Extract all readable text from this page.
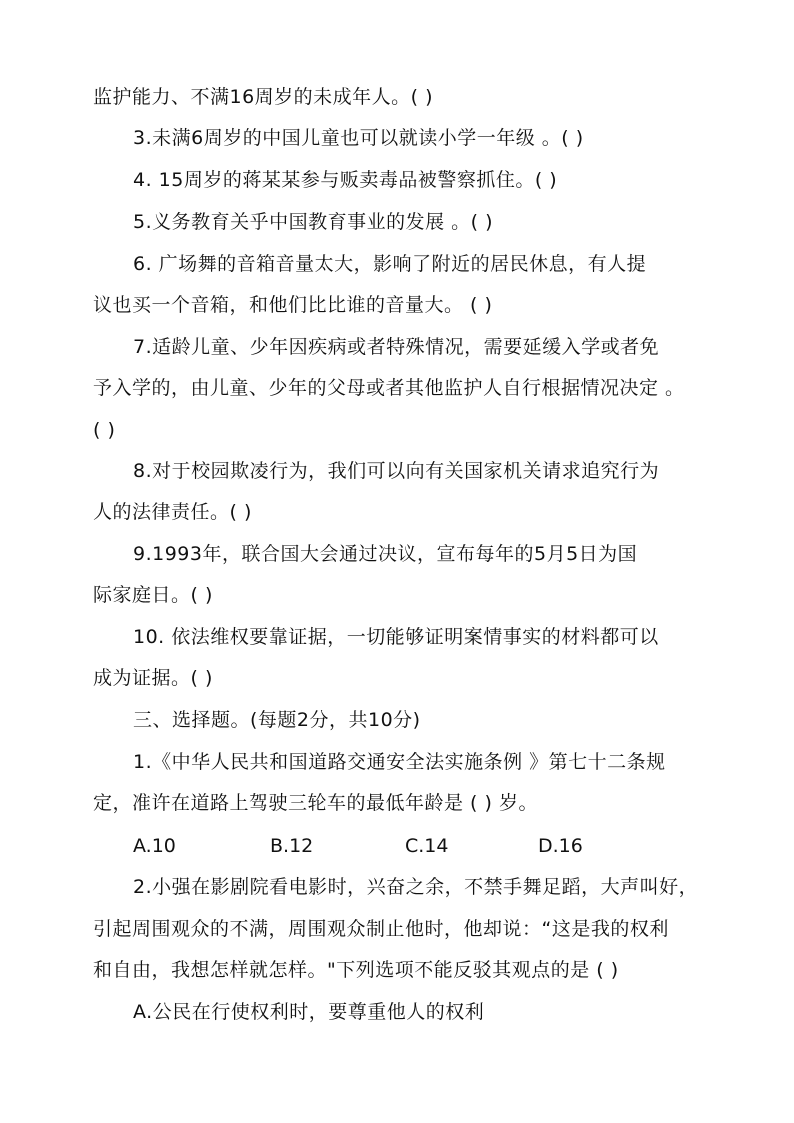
监护能力、不满16周岁的未成年人。( )
3.未满6周岁的中国儿童也可以就读小学一年级 。( )
4. 15周岁的蒋某某参与贩卖毒品被警察抓住。( )
5.义务教育关乎中国教育事业的发展 。( )
6. 广场舞的音箱音量太大，影响了附近的居民休息，有人提
议也买一个音箱，和他们比比谁的音量大。 ( )
7.适龄儿童、少年因疾病或者特殊情况，需要延缓入学或者免
予入学的，由儿童、少年的父母或者其他监护人自行根据情况决定 。
( )
8.对于校园欺凌行为，我们可以向有关国家机关请求追究行为
人的法律责任。( )
9.1993年，联合国大会通过决议，宣布每年的5月5日为国
际家庭日。( )
10. 依法维权要靠证据，一切能够证明案情事实的材料都可以
成为证据。( )
三、选择题。(每题2分，共10分)
1.《中华人民共和国道路交通安全法实施条例 》第七十二条规
定，准许在道路上驾驶三轮车的最低年龄是 ( ) 岁。
A.10	B.12	C.14	D.16
2.小强在影剧院看电影时，兴奋之余，不禁手舞足蹈，大声叫好，
引起周围观众的不满，周围观众制止他时，他却说：“这是我的权利
和自由，我想怎样就怎样。"下列选项不能反驳其观点的是 ( )
A.公民在行使权利时，要尊重他人的权利
